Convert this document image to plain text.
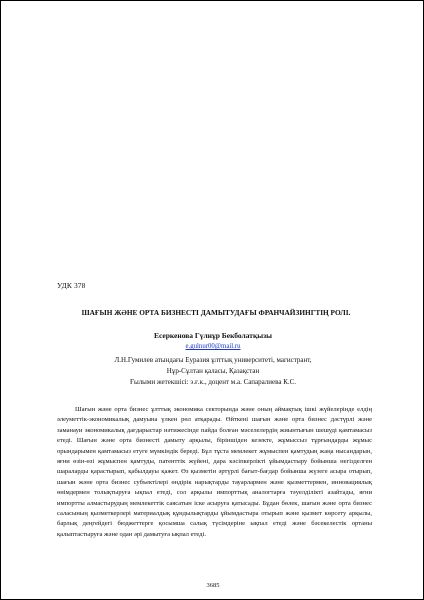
УДК 378
ШАҒЫН ЖӘНЕ ОРТА БИЗНЕСТІ ДАМЫТУДАҒЫ ФРАНЧАЙЗИНГТІҢ РОЛІ.
Есеркенова Гүлнұр Бекболатқызы
e.gulnur00@mail.ru
Л.Н.Гумилев атындағы Еуразия ұлттық университеті, магистрант,
Нұр-Сұлтан қаласы, Қазақстан
Ғылыми жетекшісі: э.ғ.к., доцент м.а. Сапаралиева К.С.

Шағын және орта бизнес ұлттық экономика секторында және оның аймақтық ішкі жүйелерінде елдің әлеуметтік-экономикалық дамуына үлкен рөл атқарады. Өйткені шағын және орта бизнес дәстүрлі және заманауи экономикалық дағдарыстар нәтижесінде пайда болған мәселелердің жиынтығын шешуді қамтамасыз етеді. Шағын және орта бизнесті дамыту арқылы, біріншіден кезекте, жұмыссыз тұрғындарды жұмыс орындарымен қамтамасыз етуге мүмкіндік береді. Бұл тұста мемлекет жұмыспен қамтудың жаңа нысандарын, яғни өзін-өзі жұмыспен қамтуды, патенттік жүйені, дара кәсіпкерлікті ұйымдастыру бойынша негізделген шараларды қарастырып, қабылдауы қажет. Өз қызметін әртүрлі бағыт-бағдар бойынша жүзеге асыра отырып, шағын және орта бизнес субъектілері өндірік нарықтарды тауарлармен және қызметтермен, инновациялық өнімдермен толықтыруға ықпал етеді, сол арқылы импорттық аналогтарға тәуелділікті азайтады, яғни импортты алмастырудың мемлекеттік саясатын іске асыруға қатысады. Бұдан бөлек, шағын және орта бизнес саласының қызметкерлері материалдық құндылықтарды ұйымдастыра отырып және қызмет көрсету арқылы, барлық деңгейдегі бюджеттерге қосымша салық түсімдеріне ықпал етеді және бәсекелестік ортаны қалыптастыруға және одан әрі дамытуға ықпал етеді.

3685
